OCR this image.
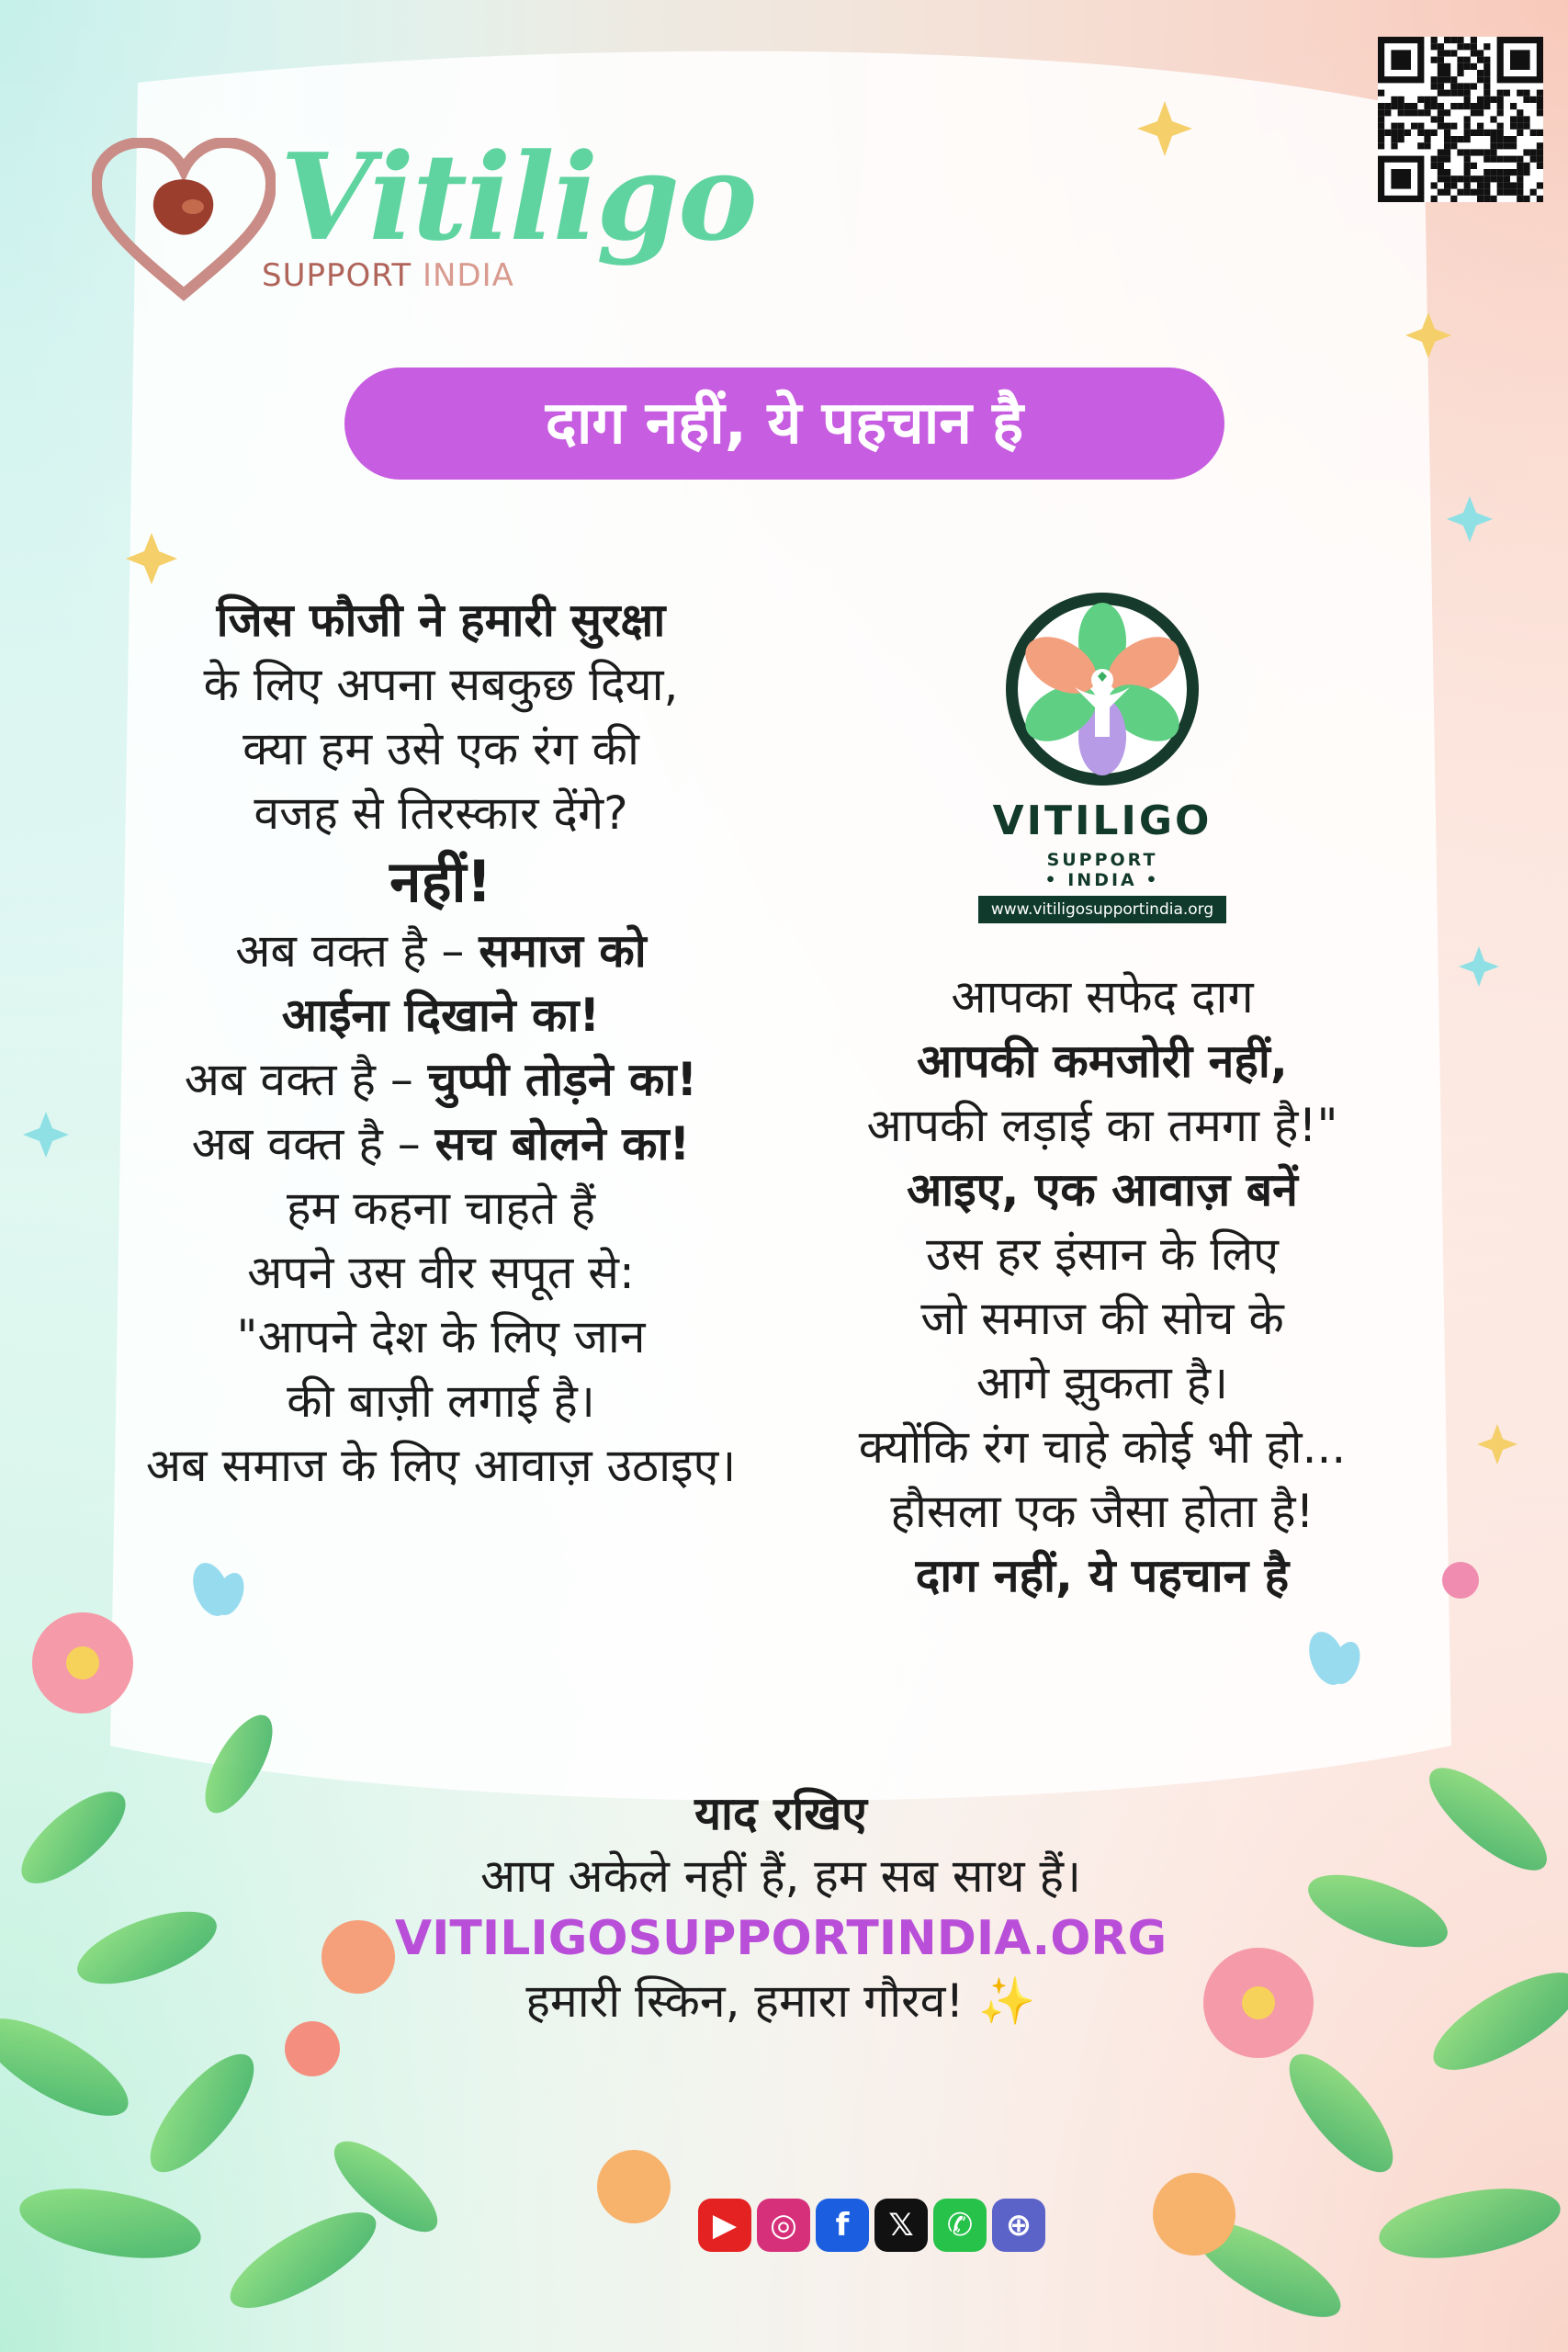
Vitiligo
SUPPORT INDIA
दाग नहीं, ये पहचान है
जिस फौजी ने हमारी सुरक्षा
के लिए अपना सबकुछ दिया,
क्या हम उसे एक रंग की
वजह से तिरस्कार देंगे?
नहीं!
अब वक्त है – समाज को
आईना दिखाने का!
अब वक्त है – चुप्पी तोड़ने का!
अब वक्त है – सच बोलने का!
हम कहना चाहते हैं
अपने उस वीर सपूत से:
"आपने देश के लिए जान
की बाज़ी लगाई है।
अब समाज के लिए आवाज़ उठाइए।
VITILIGO
SUPPORT
• INDIA •
www.vitiligosupportindia.org
आपका सफेद दाग
आपकी कमजोरी नहीं,
आपकी लड़ाई का तमगा है!"
आइए, एक आवाज़ बनें
उस हर इंसान के लिए
जो समाज की सोच के
आगे झुकता है।
क्योंकि रंग चाहे कोई भी हो...
हौसला एक जैसा होता है!
दाग नहीं, ये पहचान है
याद रखिए
आप अकेले नहीं हैं, हम सब साथ हैं।
VITILIGOSUPPORTINDIA.ORG
हमारी स्किन, हमारा गौरव! ✨
▶ ◎ f 𝕏 ✆ ⊕
